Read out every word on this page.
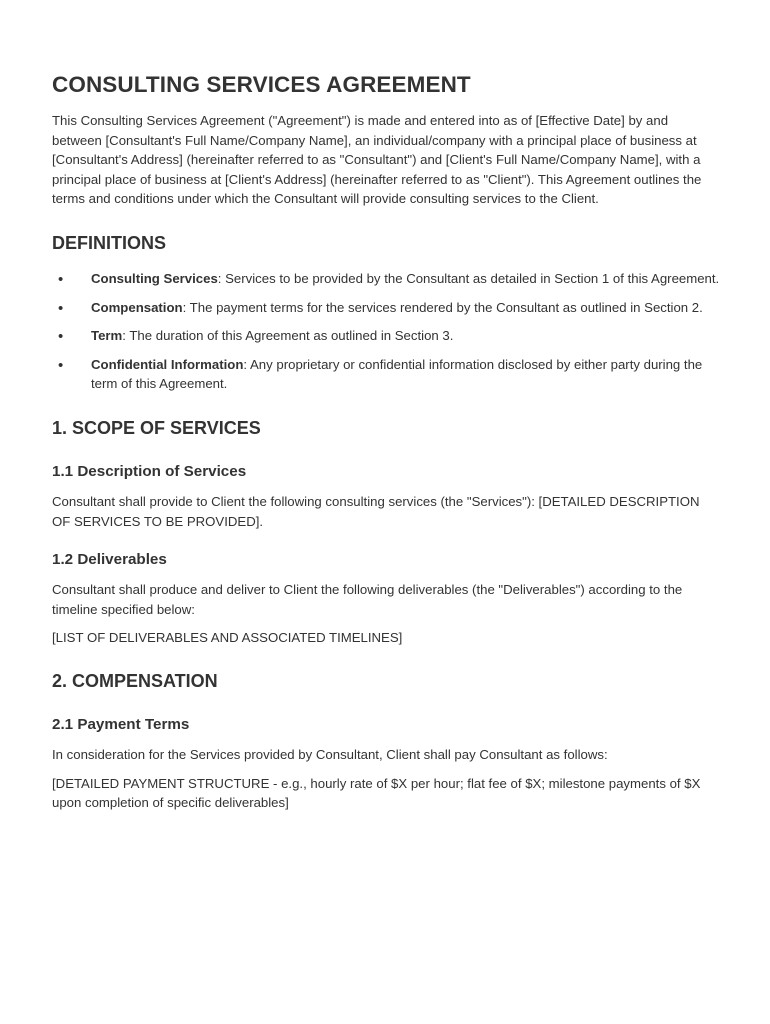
CONSULTING SERVICES AGREEMENT

This Consulting Services Agreement ("Agreement") is made and entered into as of [Effective Date] by and between [Consultant's Full Name/Company Name], an individual/company with a principal place of business at [Consultant's Address] (hereinafter referred to as "Consultant") and [Client's Full Name/Company Name], with a principal place of business at [Client's Address] (hereinafter referred to as "Client"). This Agreement outlines the terms and conditions under which the Consultant will provide consulting services to the Client.

DEFINITIONS
• Consulting Services: Services to be provided by the Consultant as detailed in Section 1 of this Agreement.
• Compensation: The payment terms for the services rendered by the Consultant as outlined in Section 2.
• Term: The duration of this Agreement as outlined in Section 3.
• Confidential Information: Any proprietary or confidential information disclosed by either party during the term of this Agreement.
1. SCOPE OF SERVICES
1.1 Description of Services

Consultant shall provide to Client the following consulting services (the "Services"): [DETAILED DESCRIPTION OF SERVICES TO BE PROVIDED].

1.2 Deliverables

Consultant shall produce and deliver to Client the following deliverables (the "Deliverables") according to the timeline specified below:

[LIST OF DELIVERABLES AND ASSOCIATED TIMELINES]

2. COMPENSATION
2.1 Payment Terms

In consideration for the Services provided by Consultant, Client shall pay Consultant as follows:

[DETAILED PAYMENT STRUCTURE - e.g., hourly rate of $X per hour; flat fee of $X; milestone payments of $X upon completion of specific deliverables]
